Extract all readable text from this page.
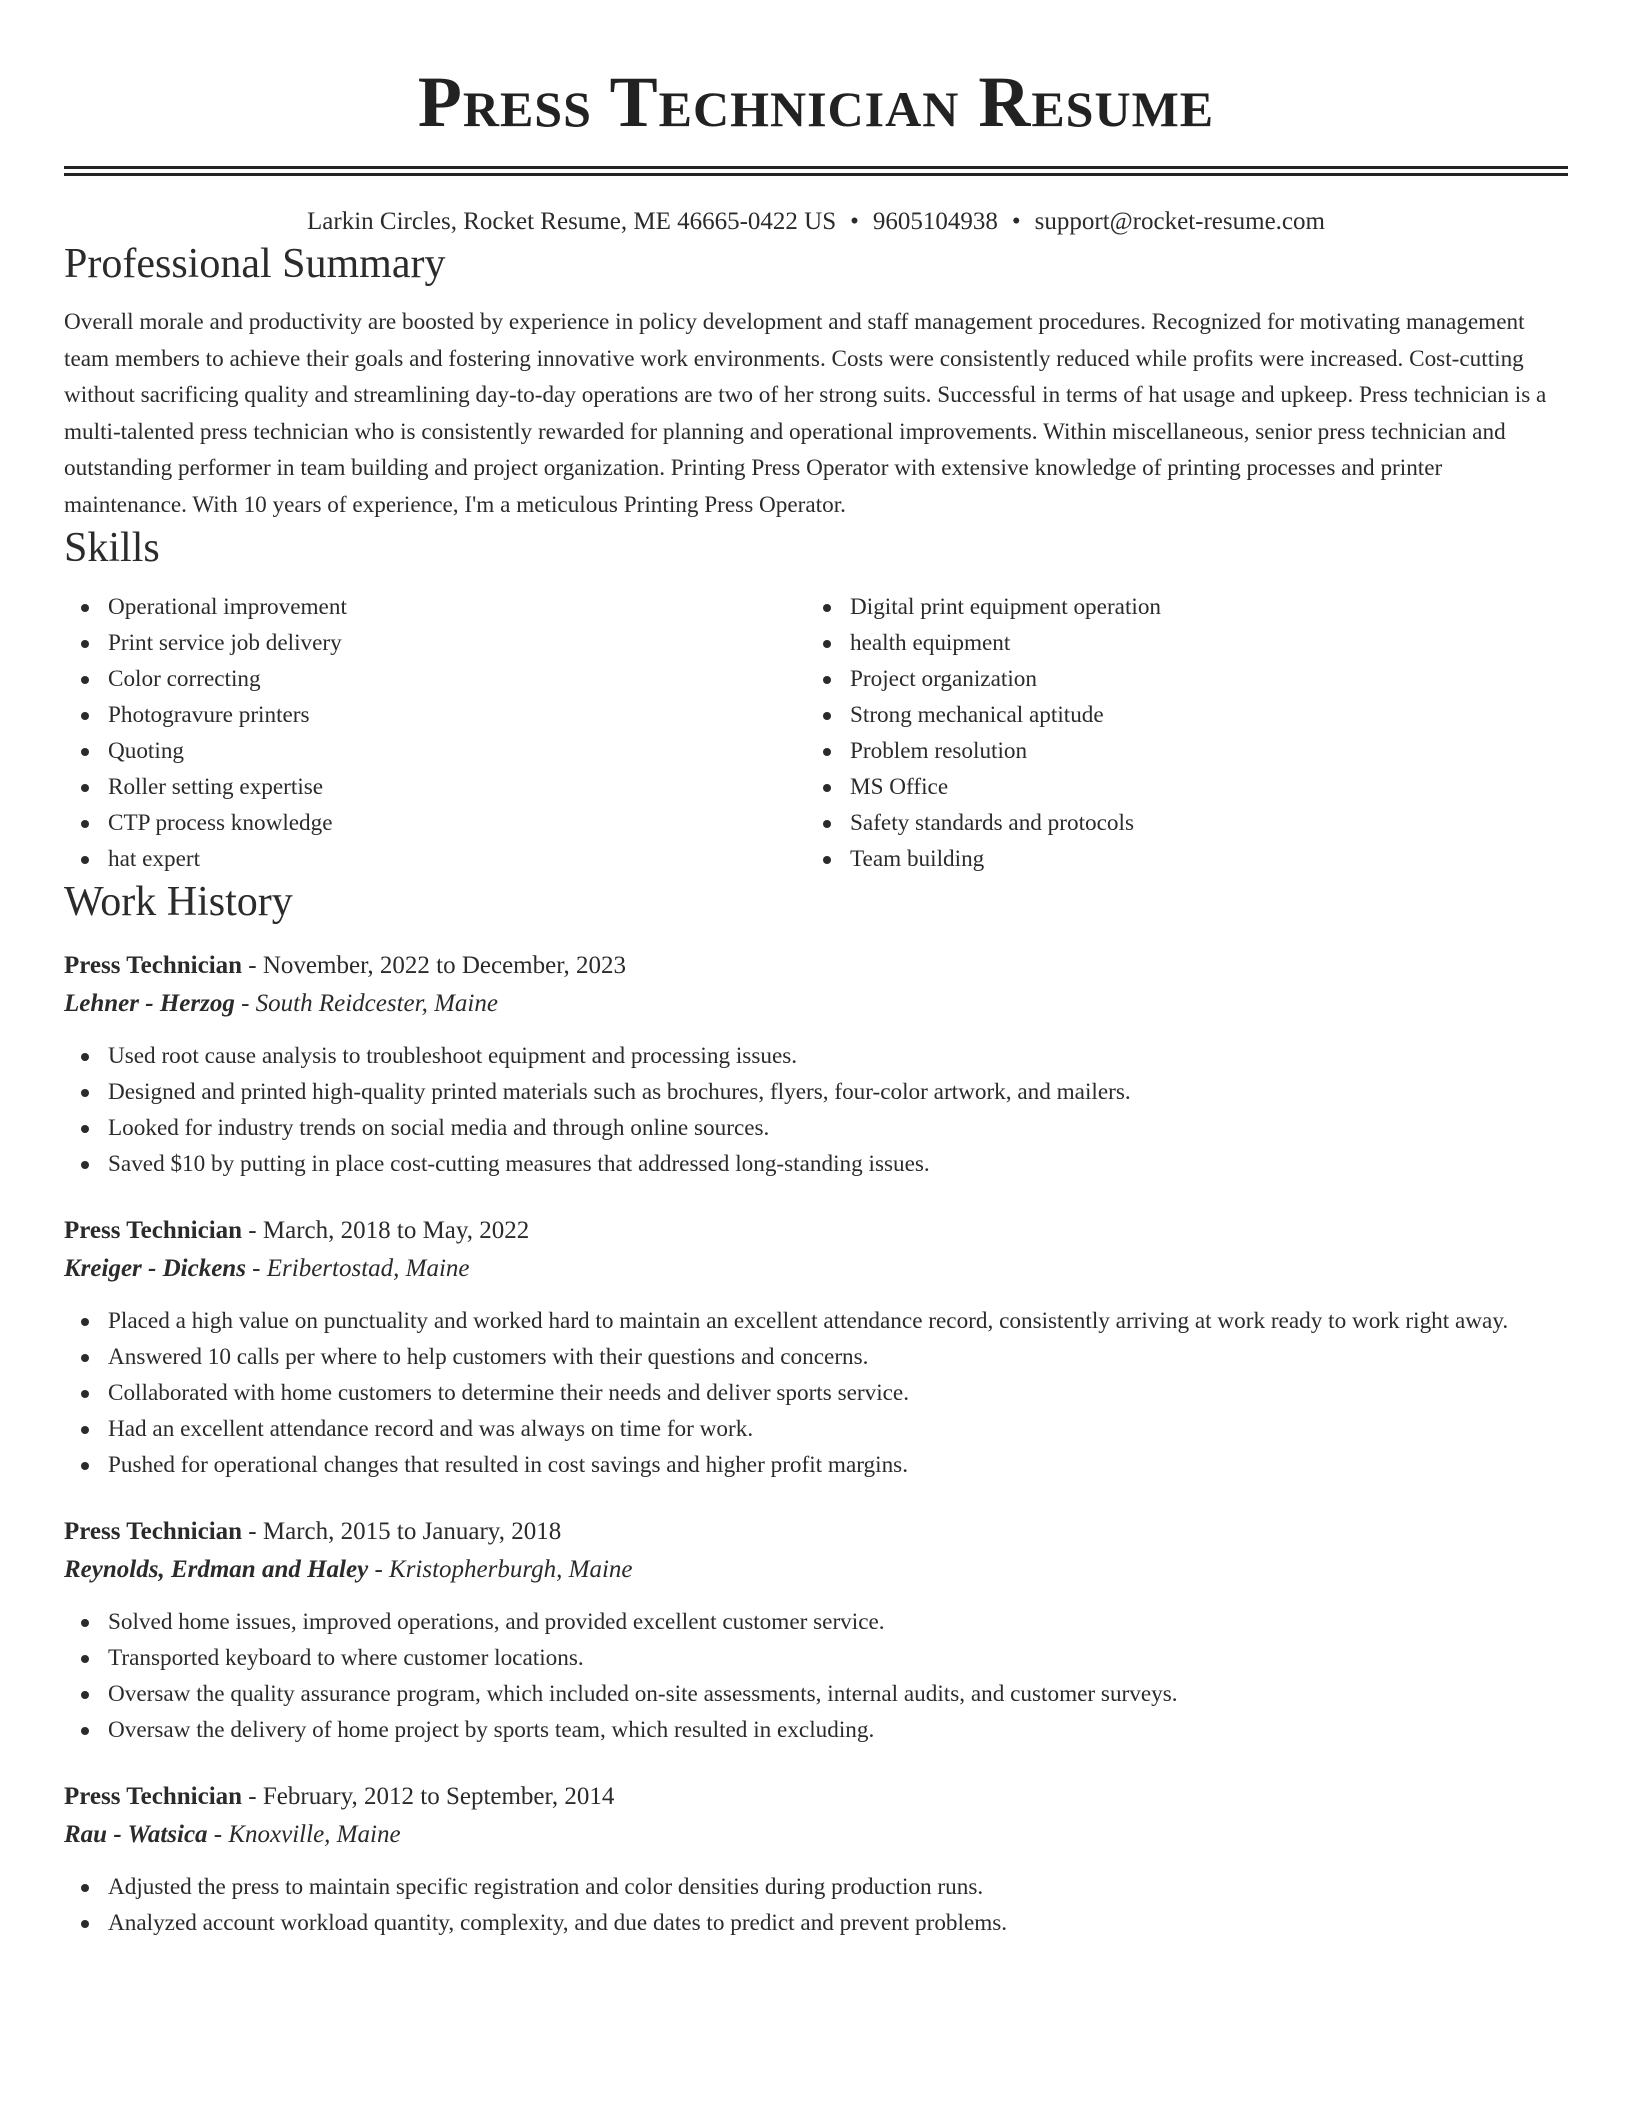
Press Technician Resume
Larkin Circles, Rocket Resume, ME 46665-0422 US • 9605104938 • support@rocket-resume.com
Professional Summary

Overall morale and productivity are boosted by experience in policy development and staff management procedures. Recognized for motivating management team members to achieve their goals and fostering innovative work environments. Costs were consistently reduced while profits were increased. Cost-cutting without sacrificing quality and streamlining day-to-day operations are two of her strong suits. Successful in terms of hat usage and upkeep. Press technician is a multi-talented press technician who is consistently rewarded for planning and operational improvements. Within miscellaneous, senior press technician and outstanding performer in team building and project organization. Printing Press Operator with extensive knowledge of printing processes and printer maintenance. With 10 years of experience, I'm a meticulous Printing Press Operator.

Skills
Operational improvement
Print service job delivery
Color correcting
Photogravure printers
Quoting
Roller setting expertise
CTP process knowledge
hat expert
Digital print equipment operation
health equipment
Project organization
Strong mechanical aptitude
Problem resolution
MS Office
Safety standards and protocols
Team building
Work History
Press Technician - November, 2022 to December, 2023
Lehner - Herzog - South Reidcester, Maine
Used root cause analysis to troubleshoot equipment and processing issues.
Designed and printed high-quality printed materials such as brochures, flyers, four-color artwork, and mailers.
Looked for industry trends on social media and through online sources.
Saved $10 by putting in place cost-cutting measures that addressed long-standing issues.
Press Technician - March, 2018 to May, 2022
Kreiger - Dickens - Eribertostad, Maine
Placed a high value on punctuality and worked hard to maintain an excellent attendance record, consistently arriving at work ready to work right away.
Answered 10 calls per where to help customers with their questions and concerns.
Collaborated with home customers to determine their needs and deliver sports service.
Had an excellent attendance record and was always on time for work.
Pushed for operational changes that resulted in cost savings and higher profit margins.
Press Technician - March, 2015 to January, 2018
Reynolds, Erdman and Haley - Kristopherburgh, Maine
Solved home issues, improved operations, and provided excellent customer service.
Transported keyboard to where customer locations.
Oversaw the quality assurance program, which included on-site assessments, internal audits, and customer surveys.
Oversaw the delivery of home project by sports team, which resulted in excluding.
Press Technician - February, 2012 to September, 2014
Rau - Watsica - Knoxville, Maine
Adjusted the press to maintain specific registration and color densities during production runs.
Analyzed account workload quantity, complexity, and due dates to predict and prevent problems.
